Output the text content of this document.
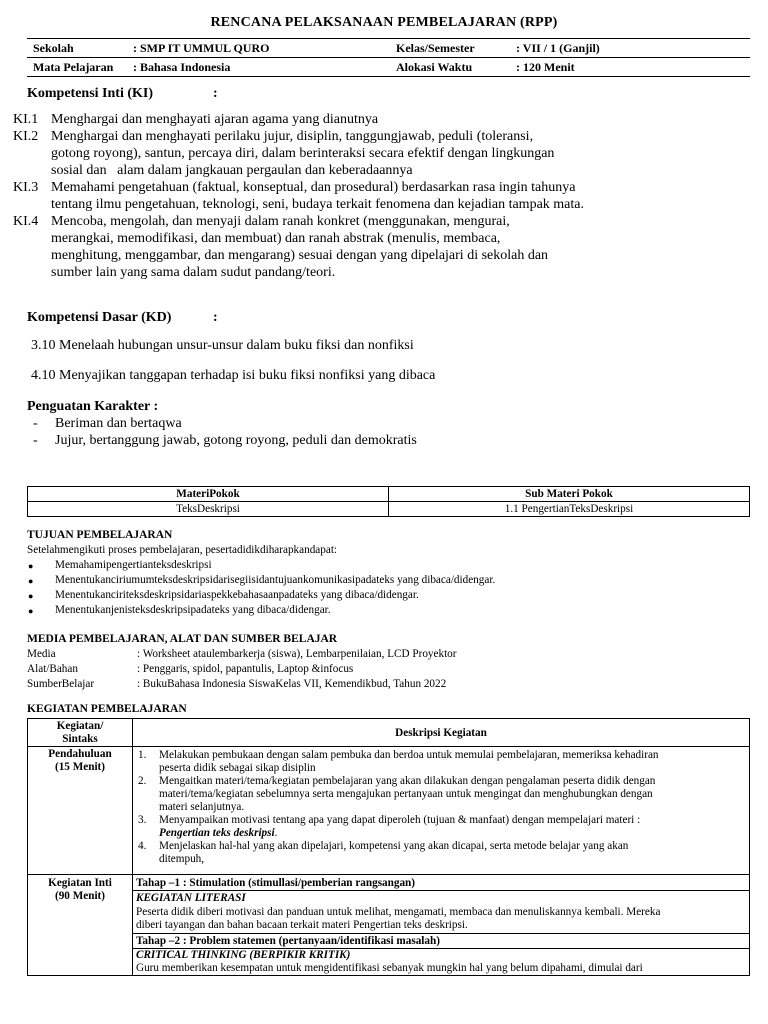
RENCANA PELAKSANAAN PEMBELAJARAN (RPP)
Sekolah	: SMP IT UMMUL QURO	Kelas/Semester	: VII / 1 (Ganjil)
Mata Pelajaran : Bahasa Indonesia	Alokasi Waktu	: 120 Menit
Kompetensi Inti (KI)	:
KI.1 Menghargai dan menghayati ajaran agama yang dianutnya
KI.2 Menghargai dan menghayati perilaku jujur, disiplin, tanggungjawab, peduli (toleransi,
gotong royong), santun, percaya diri, dalam berinteraksi secara efektif dengan lingkungan
sosial dan   alam dalam jangkauan pergaulan dan keberadaannya
KI.3 Memahami pengetahuan (faktual, konseptual, dan prosedural) berdasarkan rasa ingin tahunya
tentang ilmu pengetahuan, teknologi, seni, budaya terkait fenomena dan kejadian tampak mata.
KI.4 Mencoba, mengolah, dan menyaji dalam ranah konkret (menggunakan, mengurai,
merangkai, memodifikasi, dan membuat) dan ranah abstrak (menulis, membaca,
menghitung, menggambar, dan mengarang) sesuai dengan yang dipelajari di sekolah dan
sumber lain yang sama dalam sudut pandang/teori.
Kompetensi Dasar (KD)	:
3.10 Menelaah hubungan unsur-unsur dalam buku fiksi dan nonfiksi
4.10 Menyajikan tanggapan terhadap isi buku fiksi nonfiksi yang dibaca
Penguatan Karakter :
- Beriman dan bertaqwa
- Jujur, bertanggung jawab, gotong royong, peduli dan demokratis
MateriPokok	Sub Materi Pokok
TeksDeskripsi	1.1 PengertianTeksDeskripsi
TUJUAN PEMBELAJARAN
Setelahmengikuti proses pembelajaran, pesertadidikdiharapkandapat:
● Memahamipengertianteksdeskripsi
● Menentukanciriumumteksdeskripsidarisegiisidantujuankomunikasipadateks yang dibaca/didengar.
● Menentukanciriteksdeskripsidariaspekkebahasaanpadateks yang dibaca/didengar.
● Menentukanjenisteksdeskripsipadateks yang dibaca/didengar.
MEDIA PEMBELAJARAN, ALAT DAN SUMBER BELAJAR
Media	: Worksheet ataulembarkerja (siswa), Lembarpenilaian, LCD Proyektor
Alat/Bahan	: Penggaris, spidol, papantulis, Laptop &infocus
SumberBelajar	: BukuBahasa Indonesia SiswaKelas VII, Kemendikbud, Tahun 2022
KEGIATAN PEMBELAJARAN
Kegiatan/
Sintaks	Deskripsi Kegiatan
Pendahuluan
(15 Menit)
1. Melakukan pembukaan dengan salam pembuka dan berdoa untuk memulai pembelajaran, memeriksa kehadiran
peserta didik sebagai sikap disiplin
2. Mengaitkan materi/tema/kegiatan pembelajaran yang akan dilakukan dengan pengalaman peserta didik dengan
materi/tema/kegiatan sebelumnya serta mengajukan pertanyaan untuk mengingat dan menghubungkan dengan
materi selanjutnya.
3. Menyampaikan motivasi tentang apa yang dapat diperoleh (tujuan & manfaat) dengan mempelajari materi :
Pengertian teks deskripsi.
4. Menjelaskan hal-hal yang akan dipelajari, kompetensi yang akan dicapai, serta metode belajar yang akan
ditempuh,
Kegiatan Inti
(90 Menit)
Tahap –1 : Stimulation (stimullasi/pemberian rangsangan)
KEGIATAN LITERASI
Peserta didik diberi motivasi dan panduan untuk melihat, mengamati, membaca dan menuliskannya kembali. Mereka
diberi tayangan dan bahan bacaan terkait materi Pengertian teks deskripsi.
Tahap –2 : Problem statemen (pertanyaan/identifikasi masalah)
CRITICAL THINKING (BERPIKIR KRITIK)
Guru memberikan kesempatan untuk mengidentifikasi sebanyak mungkin hal yang belum dipahami, dimulai dari
